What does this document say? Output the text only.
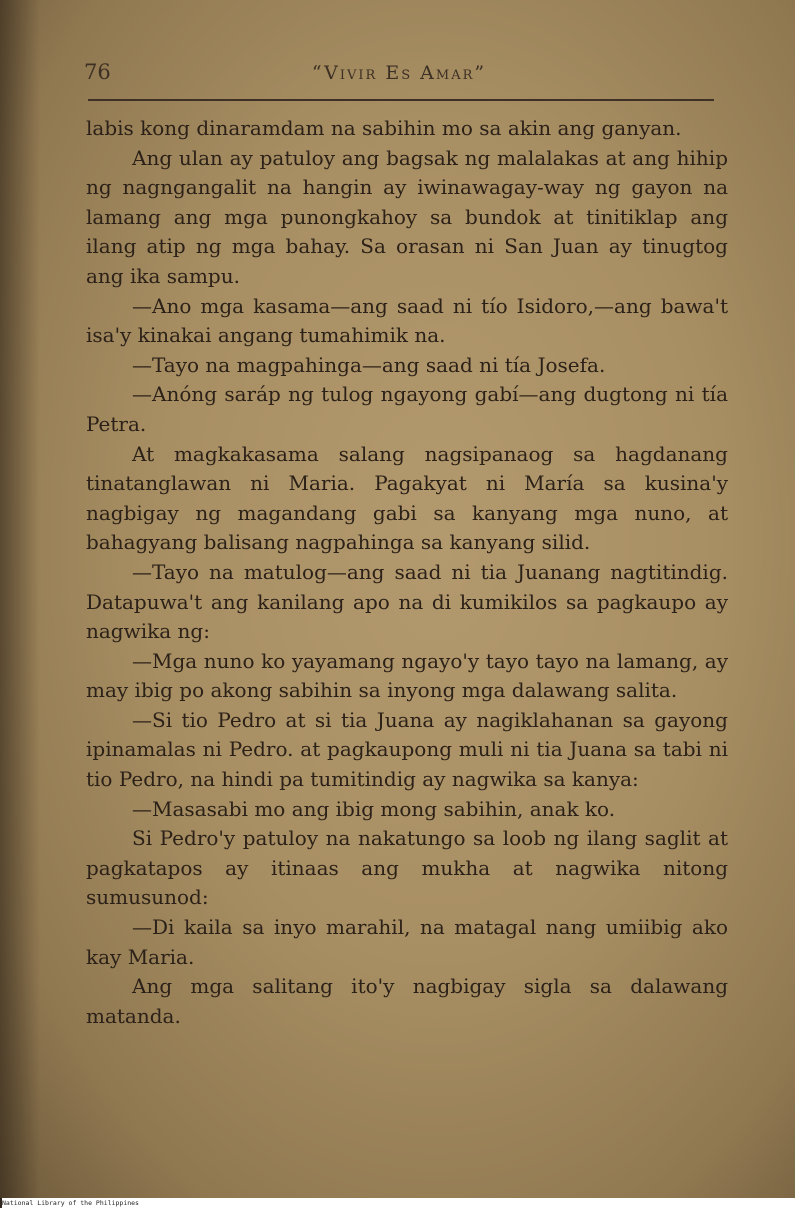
76	“Vivir Es Amar”

labis kong dinaramdam na sabihin mo sa akin ang ganyan.

Ang ulan ay patuloy ang bagsak ng malalakas at ang hihip ng nagngangalit na hangin ay iwinawagay-way ng gayon na lamang ang mga punongkahoy sa bundok at tinitiklap ang ilang atip ng mga bahay. Sa orasan ni San Juan ay tinugtog ang ika sampu.

—Ano mga kasama—ang saad ni tío Isidoro,—ang bawa't isa'y kinakai angang tumahimik na.

—Tayo na magpahinga—ang saad ni tía Josefa.

—Anóng saráp ng tulog ngayong gabí—ang dugtong ni tía Petra.

At magkakasama salang nagsipanaog sa hagdanang tinatanglawan ni Maria. Pagakyat ni María sa kusina'y nagbigay ng magandang gabi sa kanyang mga nuno, at bahagyang balisang nagpahinga sa kanyang silid.

—Tayo na matulog—ang saad ni tia Juanang nagtitindig. Datapuwa't ang kanilang apo na di kumikilos sa pagkaupo ay nagwika ng:

—Mga nuno ko yayamang ngayo'y tayo tayo na lamang, ay may ibig po akong sabihin sa inyong mga dalawang salita.

—Si tio Pedro at si tia Juana ay nagiklahanan sa gayong ipinamalas ni Pedro. at pagkaupong muli ni tia Juana sa tabi ni tio Pedro, na hindi pa tumitindig ay nagwika sa kanya:

—Masasabi mo ang ibig mong sabihin, anak ko.

Si Pedro'y patuloy na nakatungo sa loob ng ilang saglit at pagkatapos ay itinaas ang mukha at nagwika nitong sumusunod:

—Di kaila sa inyo marahil, na matagal nang umiibig ako kay Maria.

Ang mga salitang ito'y nagbigay sigla sa dalawang matanda.

National Library of the Philippines
